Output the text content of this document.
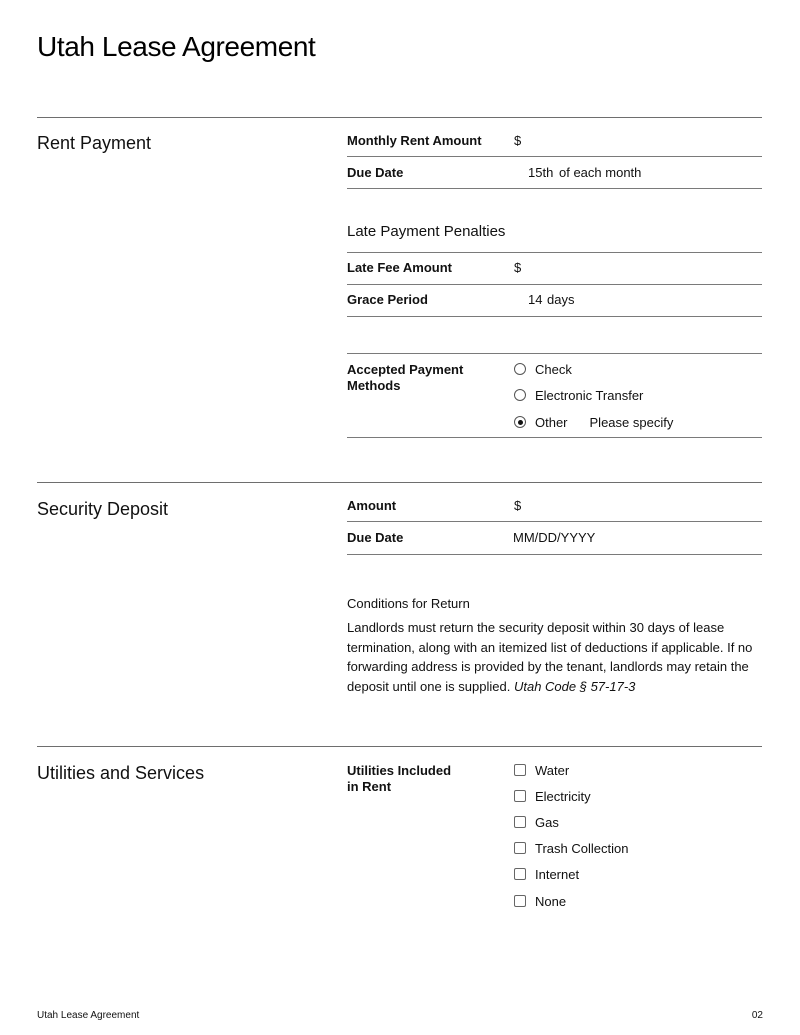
Utah Lease Agreement
Rent Payment	Monthly Rent Amount $
Due Date	15th of each month
Late Payment Penalties
Late Fee Amount	$
Grace Period	14 days
Accepted Payment
Methods
Check
Electronic Transfer
Other Please specify
Security Deposit	Amount	$
Due Date	MM/DD/YYYY
Conditions for Return
Landlords must return the security deposit within 30 days of lease termination, along with an itemized list of deductions if applicable. If no forwarding address is provided by the tenant, landlords may retain the deposit until one is supplied. Utah Code § 57-17-3
Utilities and Services	Utilities Included
in Rent
Water
Electricity
Gas
Trash Collection
Internet
None
Utah Lease Agreement	02
